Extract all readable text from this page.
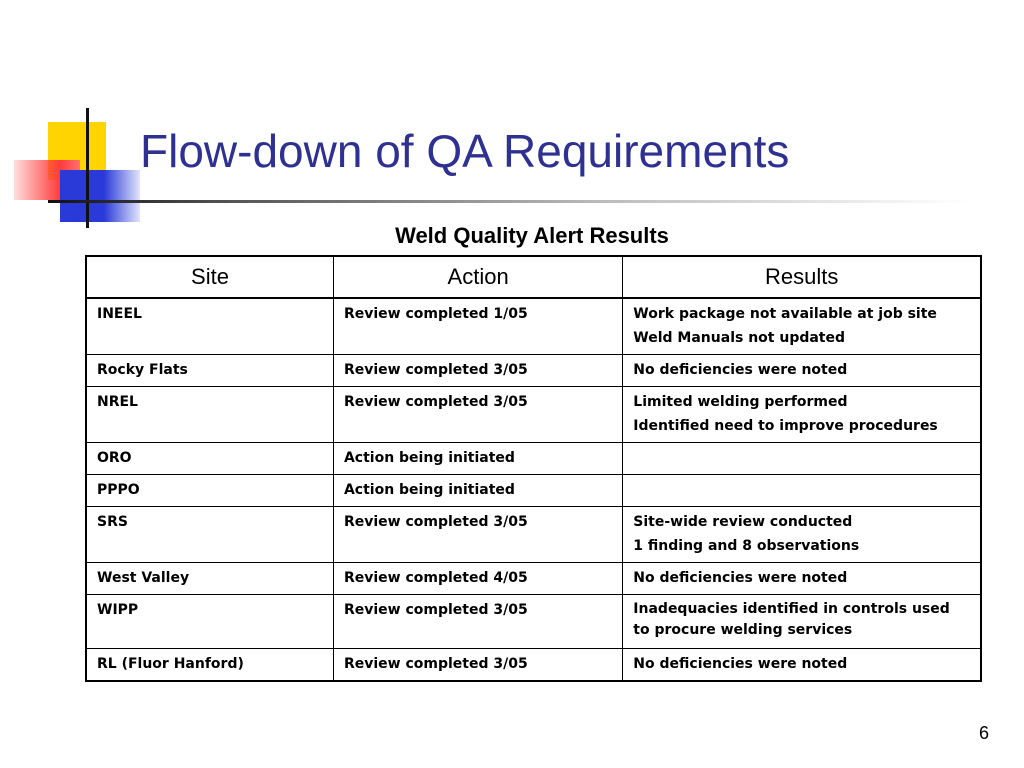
Flow-down of QA Requirements
Weld Quality Alert Results
Site	Action	Results
INEEL	Review completed 1/05	Work package not available at job site
Weld Manuals not updated

Rocky Flats	Review completed 3/05	No deficiencies were noted

NREL	Review completed 3/05	Limited welding performed
Identified need to improve procedures

ORO	Action being initiated	
PPPO	Action being initiated	
SRS	Review completed 3/05	Site-wide review conducted
1 finding and 8 observations

West Valley	Review completed 4/05	No deficiencies were noted

WIPP	Review completed 3/05	Inadequacies identified in controls used to procure welding services

RL (Fluor Hanford)	Review completed 3/05	No deficiencies were noted
6
